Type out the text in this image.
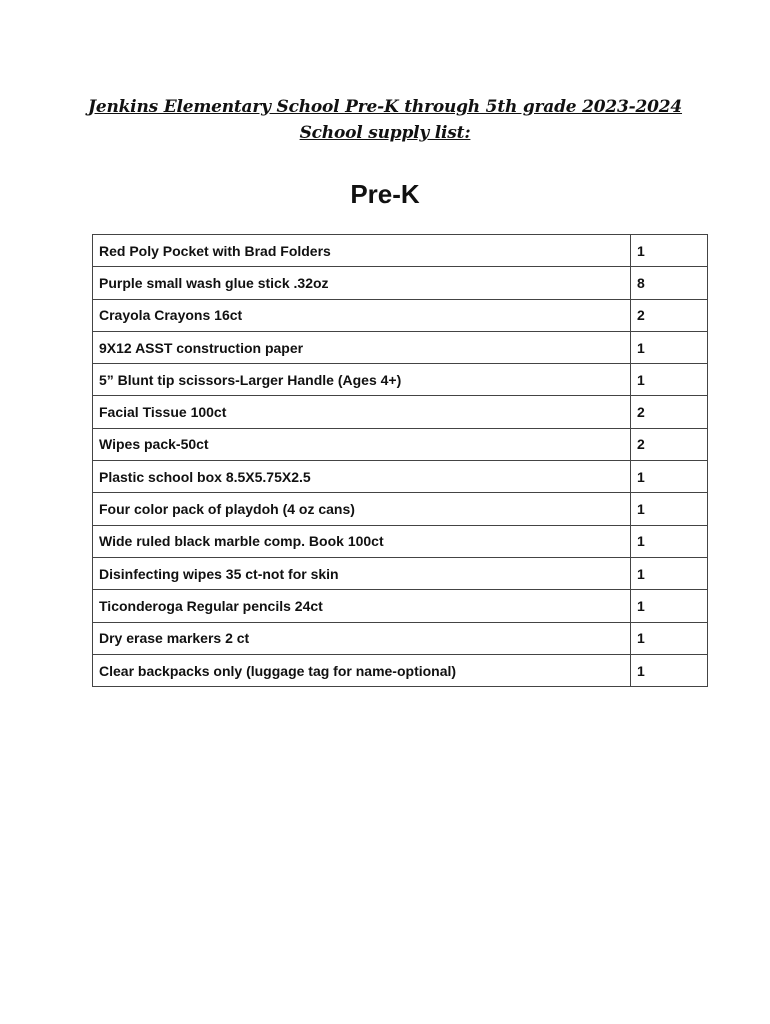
Jenkins Elementary School Pre-K through 5th grade 2023-2024
School supply list:
Pre-K
Red Poly Pocket with Brad Folders	1
Purple small wash glue stick .32oz	8
Crayola Crayons 16ct	2
9X12 ASST construction paper	1
5” Blunt tip scissors-Larger Handle (Ages 4+)	1
Facial Tissue 100ct	2
Wipes pack-50ct	2
Plastic school box 8.5X5.75X2.5	1
Four color pack of playdoh (4 oz cans)	1
Wide ruled black marble comp. Book 100ct	1
Disinfecting wipes 35 ct-not for skin	1
Ticonderoga Regular pencils 24ct	1
Dry erase markers 2 ct	1
Clear backpacks only (luggage tag for name-optional)	1
